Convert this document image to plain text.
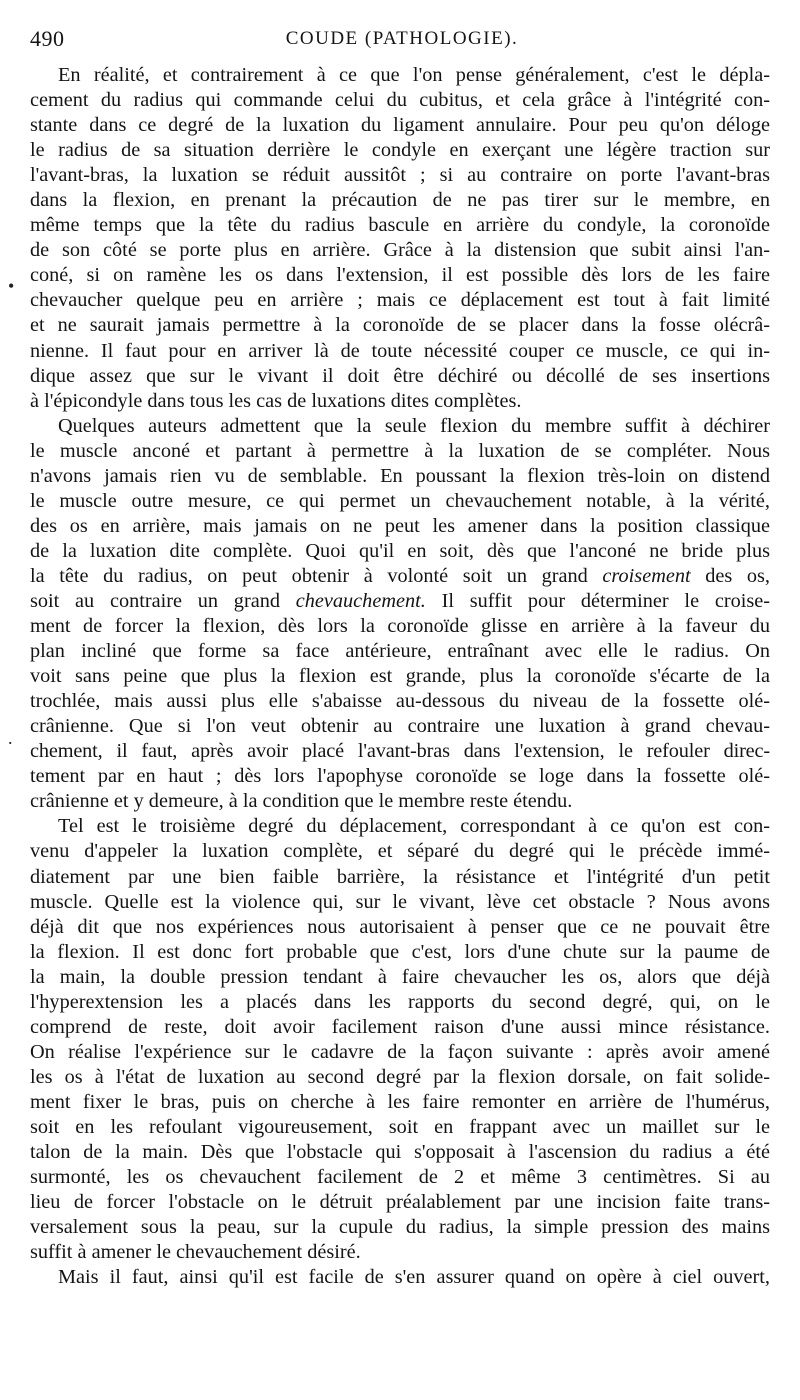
490	COUDE (PATHOLOGIE).
•
.
En réalité, et contrairement à ce que l'on pense généralement, c'est le dépla-
cement du radius qui commande celui du cubitus, et cela grâce à l'intégrité con-
stante dans ce degré de la luxation du ligament annulaire. Pour peu qu'on déloge
le radius de sa situation derrière le condyle en exerçant une légère traction sur
l'avant-bras, la luxation se réduit aussitôt ; si au contraire on porte l'avant-bras
dans la flexion, en prenant la précaution de ne pas tirer sur le membre, en
même temps que la tête du radius bascule en arrière du condyle, la coronoïde
de son côté se porte plus en arrière. Grâce à la distension que subit ainsi l'an-
coné, si on ramène les os dans l'extension, il est possible dès lors de les faire
chevaucher quelque peu en arrière ; mais ce déplacement est tout à fait limité
et ne saurait jamais permettre à la coronoïde de se placer dans la fosse olécrâ-
nienne. Il faut pour en arriver là de toute nécessité couper ce muscle, ce qui in-
dique assez que sur le vivant il doit être déchiré ou décollé de ses insertions
à l'épicondyle dans tous les cas de luxations dites complètes.
Quelques auteurs admettent que la seule flexion du membre suffit à déchirer
le muscle anconé et partant à permettre à la luxation de se compléter. Nous
n'avons jamais rien vu de semblable. En poussant la flexion très-loin on distend
le muscle outre mesure, ce qui permet un chevauchement notable, à la vérité,
des os en arrière, mais jamais on ne peut les amener dans la position classique
de la luxation dite complète. Quoi qu'il en soit, dès que l'anconé ne bride plus
la tête du radius, on peut obtenir à volonté soit un grand croisement des os,
soit au contraire un grand chevauchement. Il suffit pour déterminer le croise-
ment de forcer la flexion, dès lors la coronoïde glisse en arrière à la faveur du
plan incliné que forme sa face antérieure, entraînant avec elle le radius. On
voit sans peine que plus la flexion est grande, plus la coronoïde s'écarte de la
trochlée, mais aussi plus elle s'abaisse au-dessous du niveau de la fossette olé-
crânienne. Que si l'on veut obtenir au contraire une luxation à grand chevau-
chement, il faut, après avoir placé l'avant-bras dans l'extension, le refouler direc-
tement par en haut ; dès lors l'apophyse coronoïde se loge dans la fossette olé-
crânienne et y demeure, à la condition que le membre reste étendu.
Tel est le troisième degré du déplacement, correspondant à ce qu'on est con-
venu d'appeler la luxation complète, et séparé du degré qui le précède immé-
diatement par une bien faible barrière, la résistance et l'intégrité d'un petit
muscle. Quelle est la violence qui, sur le vivant, lève cet obstacle ? Nous avons
déjà dit que nos expériences nous autorisaient à penser que ce ne pouvait être
la flexion. Il est donc fort probable que c'est, lors d'une chute sur la paume de
la main, la double pression tendant à faire chevaucher les os, alors que déjà
l'hyperextension les a placés dans les rapports du second degré, qui, on le
comprend de reste, doit avoir facilement raison d'une aussi mince résistance.
On réalise l'expérience sur le cadavre de la façon suivante : après avoir amené
les os à l'état de luxation au second degré par la flexion dorsale, on fait solide-
ment fixer le bras, puis on cherche à les faire remonter en arrière de l'humérus,
soit en les refoulant vigoureusement, soit en frappant avec un maillet sur le
talon de la main. Dès que l'obstacle qui s'opposait à l'ascension du radius a été
surmonté, les os chevauchent facilement de 2 et même 3 centimètres. Si au
lieu de forcer l'obstacle on le détruit préalablement par une incision faite trans-
versalement sous la peau, sur la cupule du radius, la simple pression des mains
suffit à amener le chevauchement désiré.
Mais il faut, ainsi qu'il est facile de s'en assurer quand on opère à ciel ouvert,
